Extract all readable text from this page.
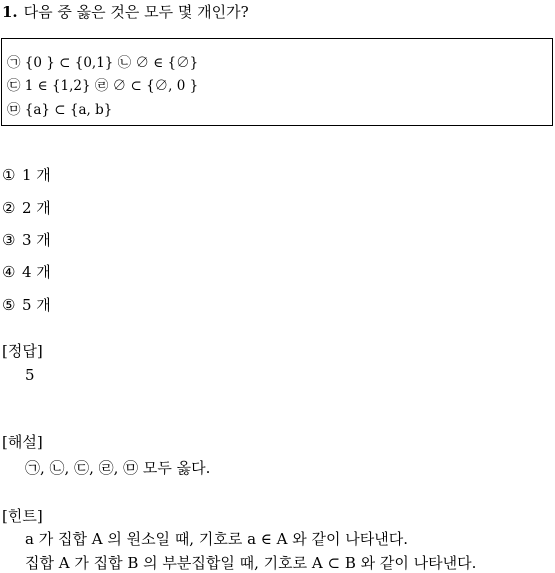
1. 다음 중 옳은 것은 모두 몇 개인가?
㉠ {0 } ⊂ {0,1} ㉡ ∅ ∈ {∅}
㉢ 1 ∈ {1,2} ㉣ ∅ ⊂ {∅, 0 }
㉤ {a} ⊂ {a, b}
① 1 개
② 2 개
③ 3 개
④ 4 개
⑤ 5 개
[정답]
5
[해설]
㉠, ㉡, ㉢, ㉣, ㉤ 모두 옳다.
[힌트]
a 가 집합 A 의 원소일 때, 기호로 a ∈ A 와 같이 나타낸다.
집합 A 가 집합 B 의 부분집합일 때, 기호로 A ⊂ B 와 같이 나타낸다.
